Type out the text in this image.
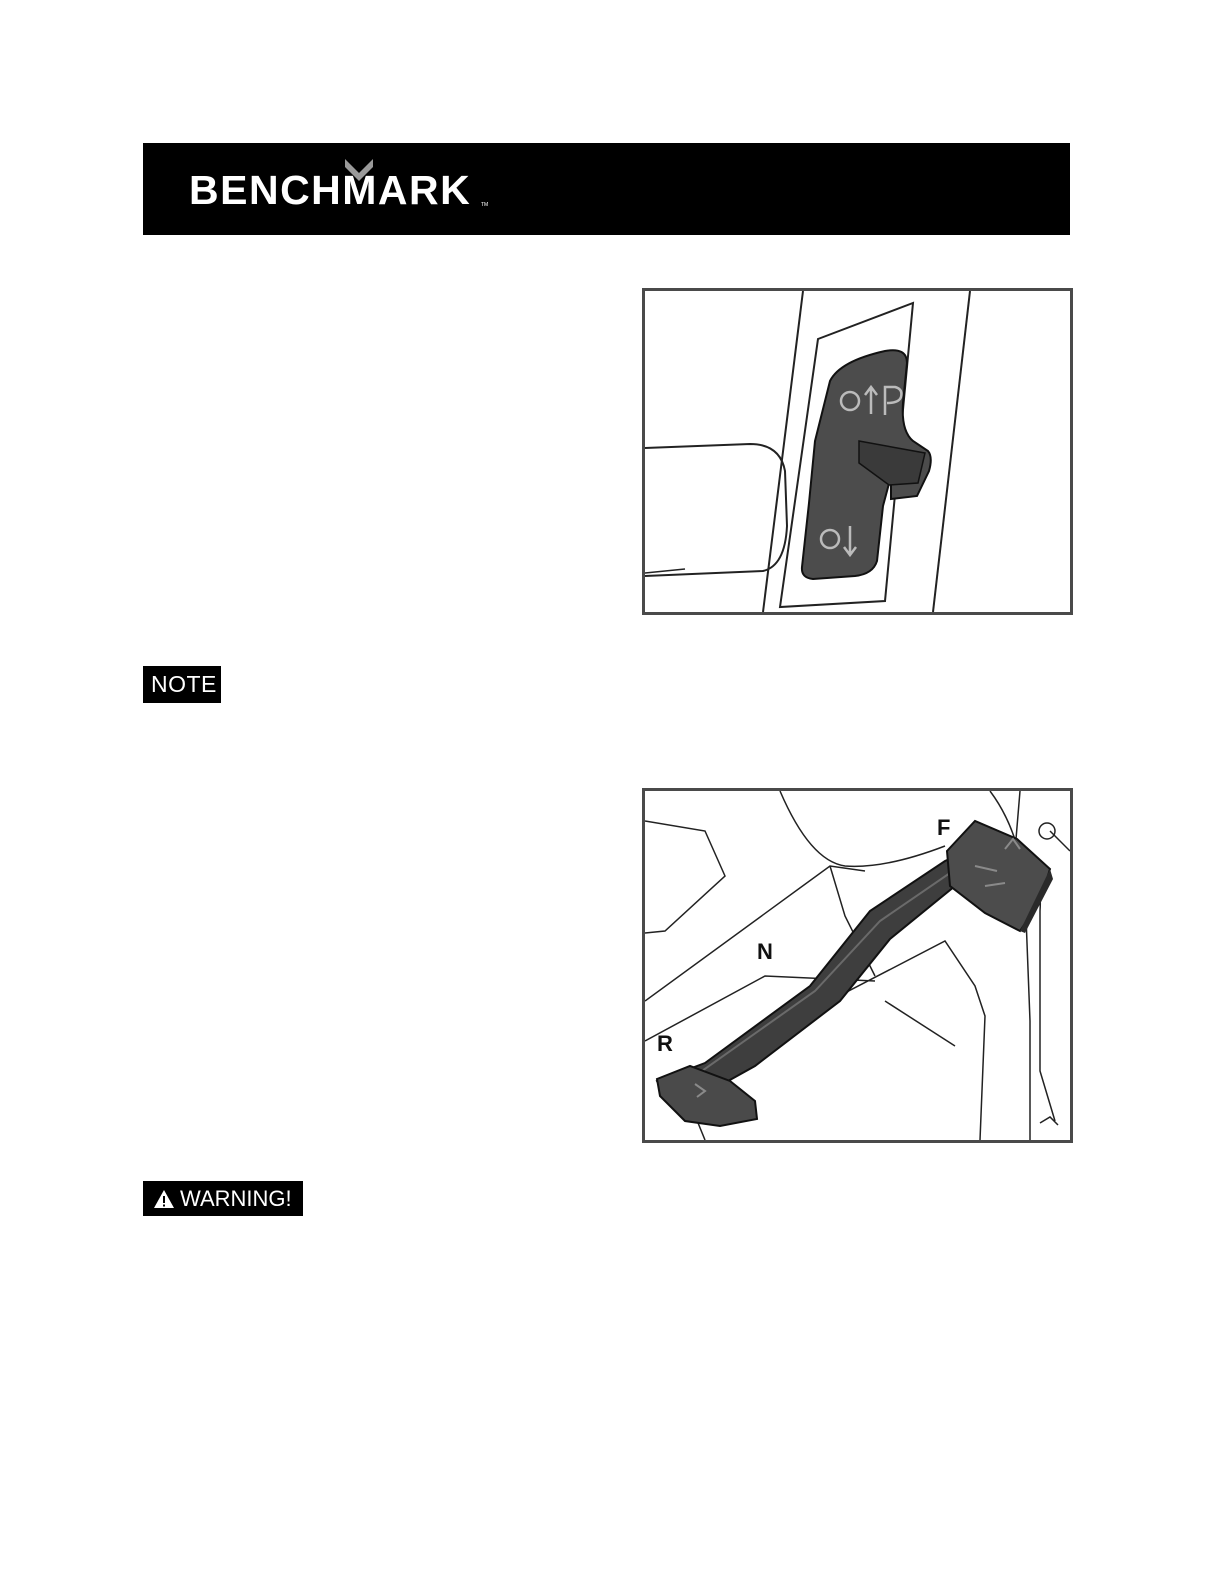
BENCHMARK TM
NOTE
F
N
R
WARNING!
